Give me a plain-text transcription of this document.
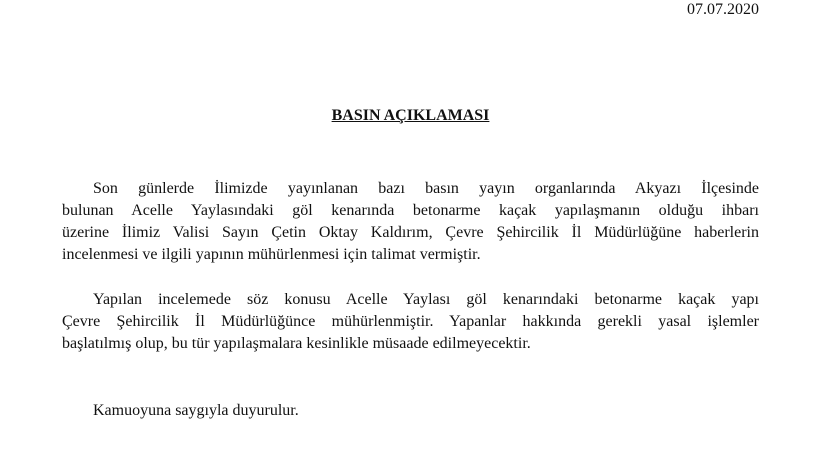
07.07.2020
BASIN AÇIKLAMASI
Son günlerde İlimizde yayınlanan bazı basın yayın organlarında Akyazı İlçesinde
bulunan Acelle Yaylasındaki göl kenarında betonarme kaçak yapılaşmanın olduğu ihbarı
üzerine İlimiz Valisi Sayın Çetin Oktay Kaldırım, Çevre Şehircilik İl Müdürlüğüne haberlerin
incelenmesi ve ilgili yapının mühürlenmesi için talimat vermiştir.
Yapılan incelemede söz konusu Acelle Yaylası göl kenarındaki betonarme kaçak yapı
Çevre Şehircilik İl Müdürlüğünce mühürlenmiştir. Yapanlar hakkında gerekli yasal işlemler
başlatılmış olup, bu tür yapılaşmalara kesinlikle müsaade edilmeyecektir.
Kamuoyuna saygıyla duyurulur.
